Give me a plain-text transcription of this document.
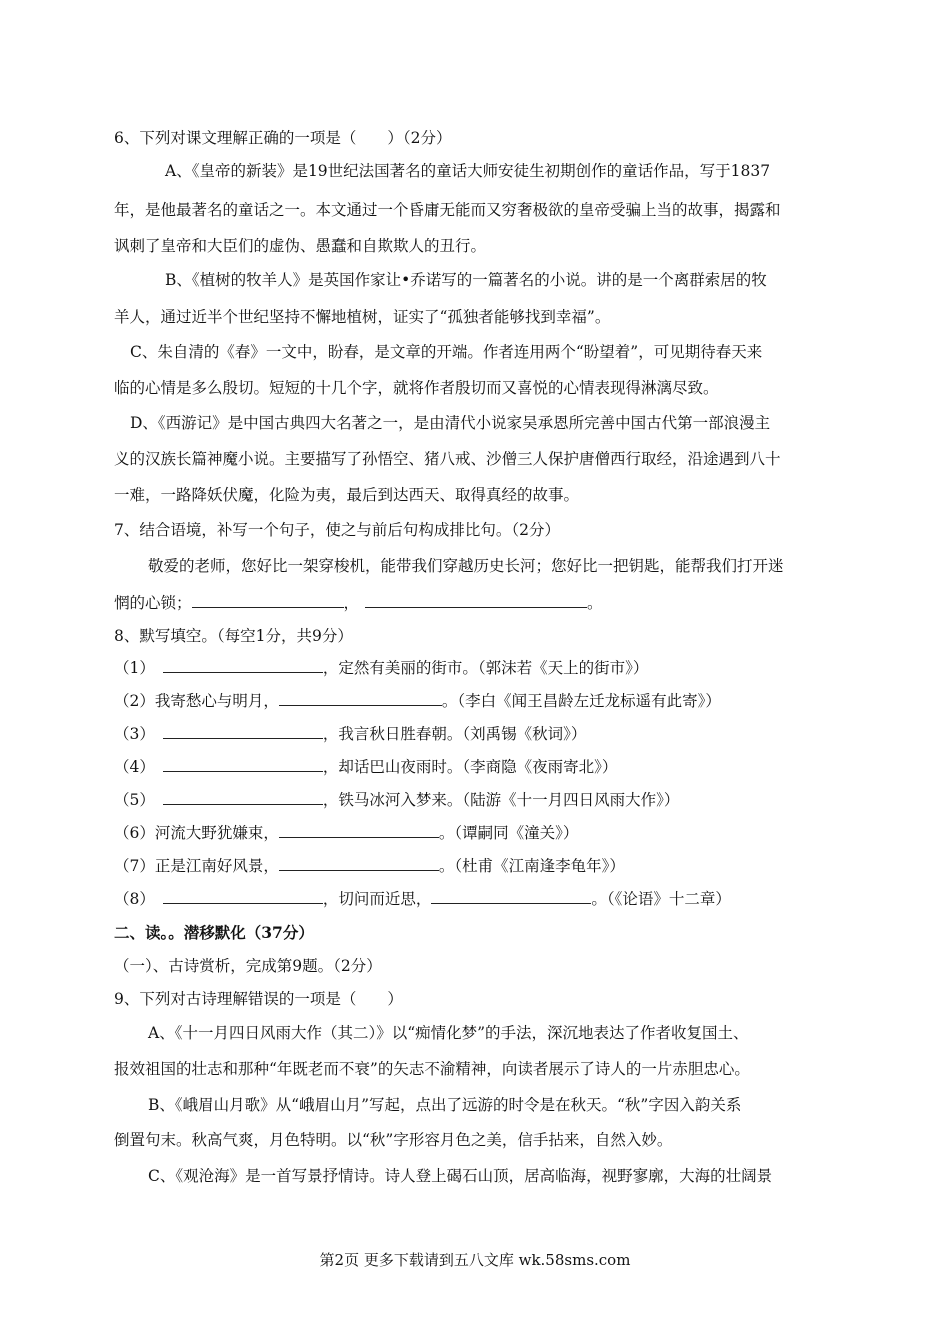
6、下列对课文理解正确的一项是（　　）（2分）
A、《皇帝的新装》是19世纪法国著名的童话大师安徒生初期创作的童话作品，写于1837
年，是他最著名的童话之一。本文通过一个昏庸无能而又穷奢极欲的皇帝受骗上当的故事，揭露和
讽刺了皇帝和大臣们的虚伪、愚蠢和自欺欺人的丑行。
B、《植树的牧羊人》是英国作家让•乔诺写的一篇著名的小说。讲的是一个离群索居的牧
羊人，通过近半个世纪坚持不懈地植树，证实了“孤独者能够找到幸福”。
C、朱自清的《春》一文中，盼春，是文章的开端。作者连用两个“盼望着”，可见期待春天来
临的心情是多么殷切。短短的十几个字，就将作者殷切而又喜悦的心情表现得淋漓尽致。
D、《西游记》是中国古典四大名著之一，是由清代小说家吴承恩所完善中国古代第一部浪漫主
义的汉族长篇神魔小说。主要描写了孙悟空、猪八戒、沙僧三人保护唐僧西行取经，沿途遇到八十
一难，一路降妖伏魔，化险为夷，最后到达西天、取得真经的故事。
7、结合语境，补写一个句子，使之与前后句构成排比句。（2分）
敬爱的老师，您好比一架穿梭机，能带我们穿越历史长河；您好比一把钥匙，能帮我们打开迷
惘的心锁；	，	。
8、默写填空。（每空1分，共9分）
（1）	，定然有美丽的街市。（郭沫若《天上的街市》）
（2）我寄愁心与明月，	。（李白《闻王昌龄左迁龙标遥有此寄》）
（3）	，我言秋日胜春朝。（刘禹锡《秋词》）
（4）	，却话巴山夜雨时。（李商隐《夜雨寄北》）
（5）	，铁马冰河入梦来。（陆游《十一月四日风雨大作》）
（6）河流大野犹嫌束，	。（谭嗣同《潼关》）
（7）正是江南好风景，	。（杜甫《江南逢李龟年》）
（8）	，切问而近思，	。（《论语》十二章）
二、读。。潜移默化（37分）
（一）、古诗赏析，完成第9题。（2分）
9、下列对古诗理解错误的一项是（　　）
A、《十一月四日风雨大作（其二）》以“痴情化梦”的手法，深沉地表达了作者收复国土、
报效祖国的壮志和那种“年既老而不衰”的矢志不渝精神，向读者展示了诗人的一片赤胆忠心。
B、《峨眉山月歌》从“峨眉山月”写起，点出了远游的时令是在秋天。“秋”字因入韵关系
倒置句末。秋高气爽，月色特明。以“秋”字形容月色之美，信手拈来，自然入妙。
C、《观沧海》是一首写景抒情诗。诗人登上碣石山顶，居高临海，视野寥廓，大海的壮阔景
第2页 更多下载请到五八文库 wk.58sms.com
